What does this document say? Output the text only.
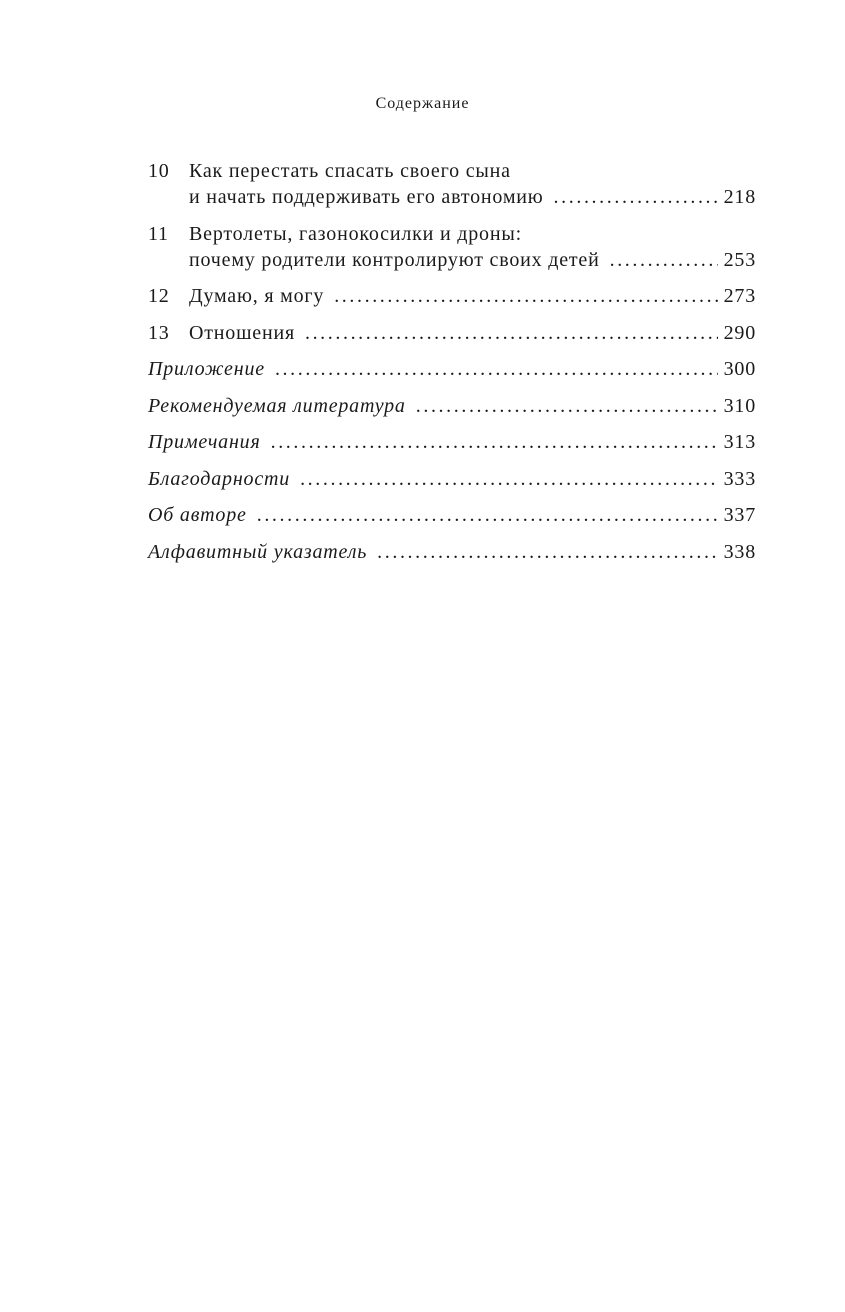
Содержание
10 Как перестать спасать своего сына
и начать поддерживать его автономию . . .	218
11	Вертолеты, газонокосилки и дроны:
почему родители контролируют своих детей . . .	253
12 Думаю, я могу . . .	273
13 Отношения . . .	290
Приложение . . .	300
Рекомендуемая литература . . .	310
Примечания . . .	313
Благодарности . . .	333
Об авторе . . .	337
Алфавитный указатель . . .	338
